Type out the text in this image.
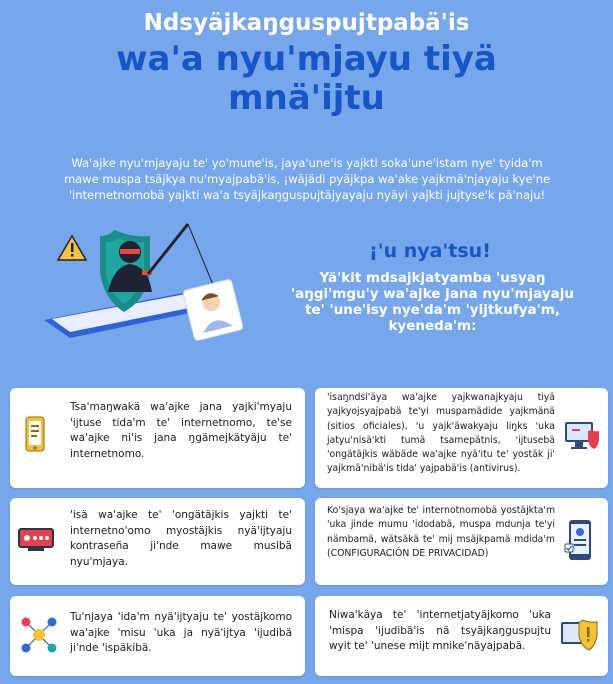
Ndsyäjkaŋguspujtpabä'is
wa'a nyu'mjayu tiyä mnä'ijtu
Wa'ajke nyu'mjayaju te' yo'mune'is, jaya'une'is yajkti soka'une'istam nye' tyida'm mawe muspa tsäjkya nu'myajpabä'is, ¡wäjädi pyäjkpa wa'ake yajkmä'njayaju kye'ne 'internetnomobä yajkti wa'a tsyäjkaŋguspujtäjyayaju nyäyi yajkti jujtyse'k pä'naju!
¡'u nya'tsu!
Yä'kit mdsajkjatyamba 'usyaŋ 'aŋgi'mgu'y wa'ajke jana nyu'mjayaju te' 'une'isy nye'da'm 'yijtkufya'm, kyeneda'm:
Tsa'maŋwakä wa'ajke jana yajki'myaju 'ijtuse tida'm te' internetnomo, te'se wa'ajke ni'is jana ŋgämejkätyäju te' internetnomo.
'isaŋndsi'äya wa'ajke yajkwanajkyaju tiyä yajkyojsyajpabä te'yi muspamädide yajkmänä (sitios oficiales), 'u yajk'äwakyaju liŋks 'uka jatyu'nisä'kti tumä tsamepätnis, 'ijtusebä 'ongätäjkis wäbäde wa'ajke nyä'itu te' yostäk ji' yajkmä'nibä'is tida' yajpabä'is (antivirus).
'isä wa'ajke te' 'ongätäjkis yajkti te' internetno'omo myostäjkis nyä'ijtyaju kontraseña ji'nde mawe musibä nyu'mjaya.
Ko'sjaya wa'ajke te' internotnomobä yostäjkta'm 'uka jinde mumu 'idodabä, muspa mdunja te'yi nämbamä, wätsäkä te' mij msäjkpamä mdida'm (CONFIGURACIÓN DE PRIVACIDAD)
Tu'njaya 'ida'm nyä'ijtyaju te' yostäjkomo wa'ajke 'misu 'uka ja nyä'ijtya 'ijudibä ji'nde 'ispäkibä.
Niwa'käya te' 'internetjatyäjkomo 'uka 'mispa 'ijudibä'is nä tsyäjkaŋguspujtu wyit te' 'unese mijt mnike'näyajpabä.
